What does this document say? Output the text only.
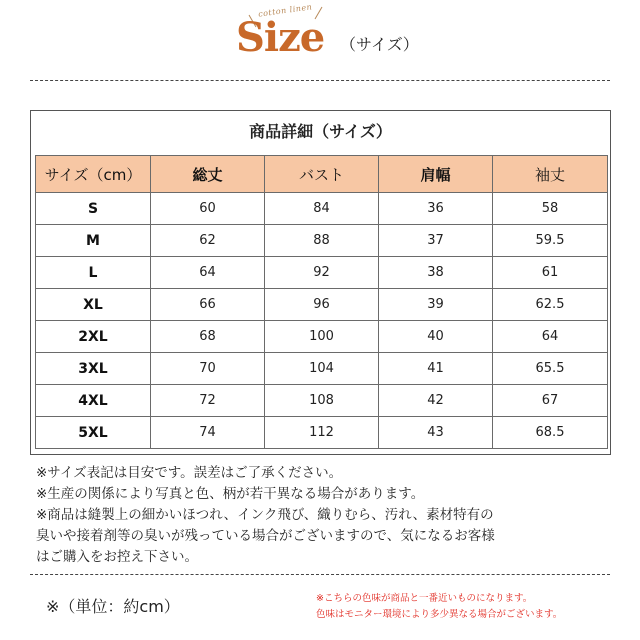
cotton linen
Size （サイズ）
商品詳細（サイズ）
サイズ（cm）	総丈	バスト	肩幅	袖丈
S	60	84	36	58
M	62	88	37	59.5
L	64	92	38	61
XL	66	96	39	62.5
2XL	68	100	40	64
3XL	70	104	41	65.5
4XL	72	108	42	67
5XL	74	112	43	68.5
※サイズ表記は目安です。誤差はご了承ください。
※生産の関係により写真と色、柄が若干異なる場合があります。
※商品は縫製上の細かいほつれ、インク飛び、織りむら、汚れ、素材特有の
臭いや接着剤等の臭いが残っている場合がございますので、気になるお客様
はご購入をお控え下さい。
※（単位：約cm）	※こちらの色味が商品と一番近いものになります。
色味はモニター環境により多少異なる場合がございます。
